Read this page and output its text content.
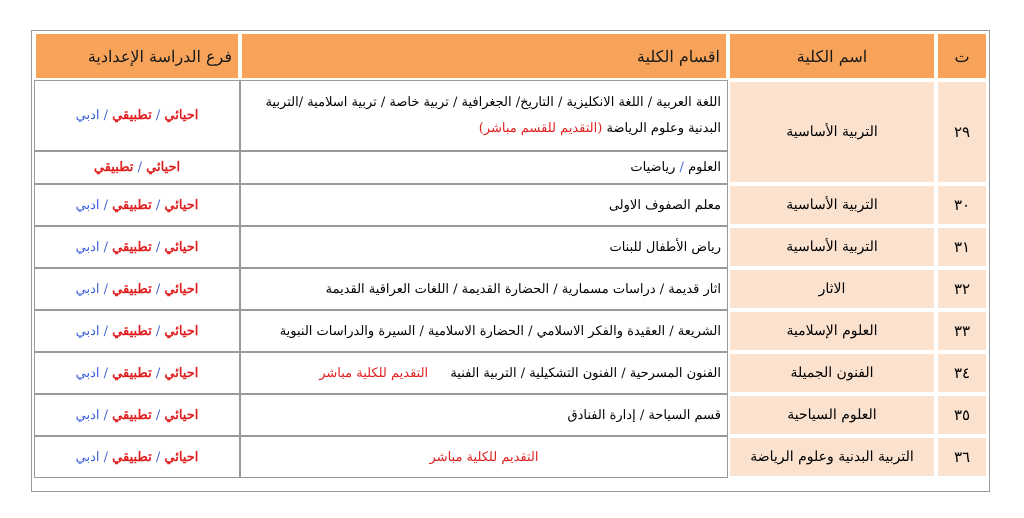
ت	اسم الكلية	اقسام الكلية	فرع الدراسة الإعدادية
٢٩	التربية الأساسية	اللغة العربية / اللغة الانكليزية / التاريخ/ الجغرافية / تربية خاصة / تربية اسلامية /التربية
البدنية وعلوم الرياضة (التقديم للقسم مباشر)	احيائي / تطبيقي / ادبي
		العلوم / رياضيات	احيائي / تطبيقي
٣٠	التربية الأساسية	معلم الصفوف الاولى	احيائي / تطبيقي / ادبي
٣١	التربية الأساسية	رياض الأطفال للبنات	احيائي / تطبيقي / ادبي
٣٢	الاثار	اثار قديمة / دراسات مسمارية / الحضارة القديمة / اللغات العراقية القديمة	احيائي / تطبيقي / ادبي
٣٣	العلوم الإسلامية	الشريعة / العقيدة والفكر الاسلامي / الحضارة الاسلامية / السيرة والدراسات النبوية	احيائي / تطبيقي / ادبي
٣٤	الفنون الجميلة	الفنون المسرحية / الفنون التشكيلية / التربية الفنية التقديم للكلية مباشر	احيائي / تطبيقي / ادبي
٣٥	العلوم السياحية	قسم السياحة / إدارة الفنادق	احيائي / تطبيقي / ادبي
٣٦	التربية البدنية وعلوم الرياضة	التقديم للكلية مباشر	احيائي / تطبيقي / ادبي
